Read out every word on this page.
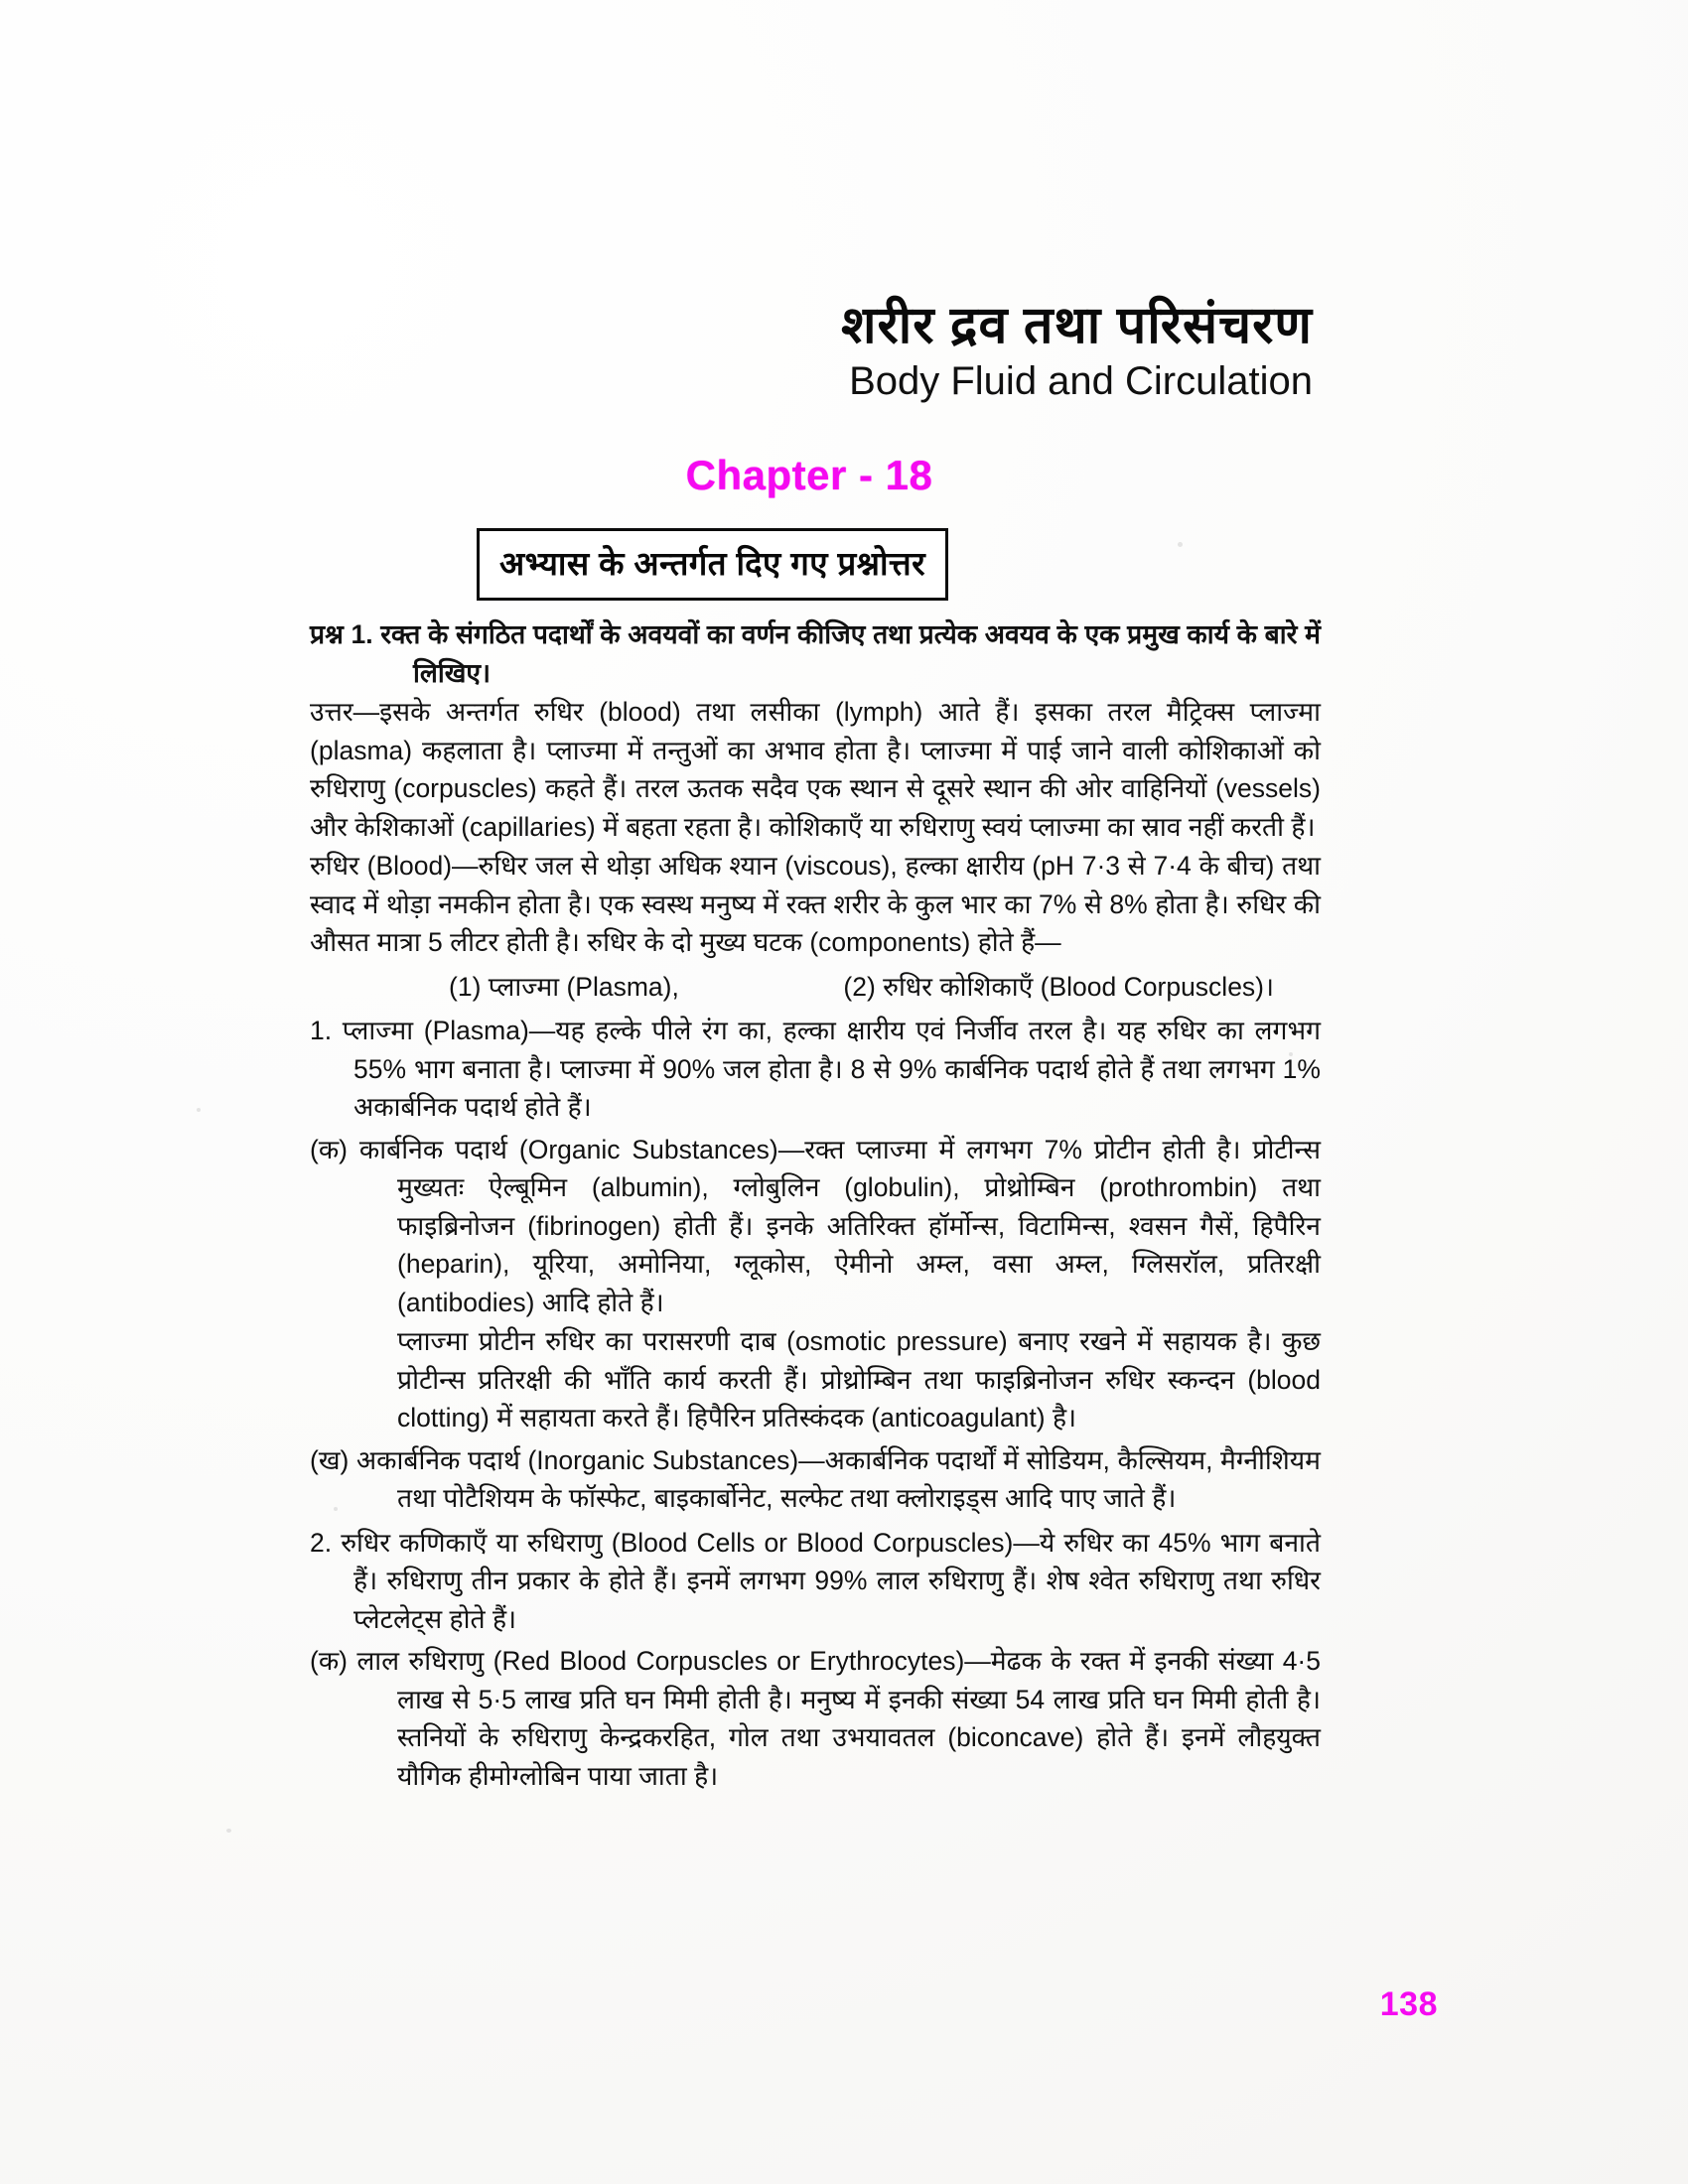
शरीर द्रव तथा परिसंचरण
Body Fluid and Circulation
Chapter - 18
अभ्यास के अन्तर्गत दिए गए प्रश्नोत्तर

प्रश्न 1. रक्त के संगठित पदार्थों के अवयवों का वर्णन कीजिए तथा प्रत्येक अवयव के एक प्रमुख कार्य के बारे में लिखिए।

उत्तर—इसके अन्तर्गत रुधिर (blood) तथा लसीका (lymph) आते हैं। इसका तरल मैट्रिक्स प्लाज्मा (plasma) कहलाता है। प्लाज्मा में तन्तुओं का अभाव होता है। प्लाज्मा में पाई जाने वाली कोशिकाओं को रुधिराणु (corpuscles) कहते हैं। तरल ऊतक सदैव एक स्थान से दूसरे स्थान की ओर वाहिनियों (vessels) और केशिकाओं (capillaries) में बहता रहता है। कोशिकाएँ या रुधिराणु स्वयं प्लाज्मा का स्राव नहीं करती हैं।

रुधिर (Blood)—रुधिर जल से थोड़ा अधिक श्यान (viscous), हल्का क्षारीय (pH 7·3 से 7·4 के बीच) तथा स्वाद में थोड़ा नमकीन होता है। एक स्वस्थ मनुष्य में रक्त शरीर के कुल भार का 7% से 8% होता है। रुधिर की औसत मात्रा 5 लीटर होती है। रुधिर के दो मुख्य घटक (components) होते हैं—

(1) प्लाज्मा (Plasma),	(2) रुधिर कोशिकाएँ (Blood Corpuscles)।

1. प्लाज्मा (Plasma)—यह हल्के पीले रंग का, हल्का क्षारीय एवं निर्जीव तरल है। यह रुधिर का लगभग 55% भाग बनाता है। प्लाज्मा में 90% जल होता है। 8 से 9% कार्बनिक पदार्थ होते हैं तथा लगभग 1% अकार्बनिक पदार्थ होते हैं।

(क) कार्बनिक पदार्थ (Organic Substances)—रक्त प्लाज्मा में लगभग 7% प्रोटीन होती है। प्रोटीन्स मुख्यतः ऐल्बूमिन (albumin), ग्लोबुलिन (globulin), प्रोथ्रोम्बिन (prothrombin) तथा फाइब्रिनोजन (fibrinogen) होती हैं। इनके अतिरिक्त हॉर्मोन्स, विटामिन्स, श्वसन गैसें, हिपैरिन (heparin), यूरिया, अमोनिया, ग्लूकोस, ऐमीनो अम्ल, वसा अम्ल, ग्लिसरॉल, प्रतिरक्षी (antibodies) आदि होते हैं।

प्लाज्मा प्रोटीन रुधिर का परासरणी दाब (osmotic pressure) बनाए रखने में सहायक है। कुछ प्रोटीन्स प्रतिरक्षी की भाँति कार्य करती हैं। प्रोथ्रोम्बिन तथा फाइब्रिनोजन रुधिर स्कन्दन (blood clotting) में सहायता करते हैं। हिपैरिन प्रतिस्कंदक (anticoagulant) है।

(ख) अकार्बनिक पदार्थ (Inorganic Substances)—अकार्बनिक पदार्थों में सोडियम, कैल्सियम, मैग्नीशियम तथा पोटैशियम के फॉस्फेट, बाइकार्बोनेट, सल्फेट तथा क्लोराइड्स आदि पाए जाते हैं।

2. रुधिर कणिकाएँ या रुधिराणु (Blood Cells or Blood Corpuscles)—ये रुधिर का 45% भाग बनाते हैं। रुधिराणु तीन प्रकार के होते हैं। इनमें लगभग 99% लाल रुधिराणु हैं। शेष श्वेत रुधिराणु तथा रुधिर प्लेटलेट्स होते हैं।

(क) लाल रुधिराणु (Red Blood Corpuscles or Erythrocytes)—मेढक के रक्त में इनकी संख्या 4·5 लाख से 5·5 लाख प्रति घन मिमी होती है। मनुष्य में इनकी संख्या 54 लाख प्रति घन मिमी होती है। स्तनियों के रुधिराणु केन्द्रकरहित, गोल तथा उभयावतल (biconcave) होते हैं। इनमें लौहयुक्त यौगिक हीमोग्लोबिन पाया जाता है।

138
